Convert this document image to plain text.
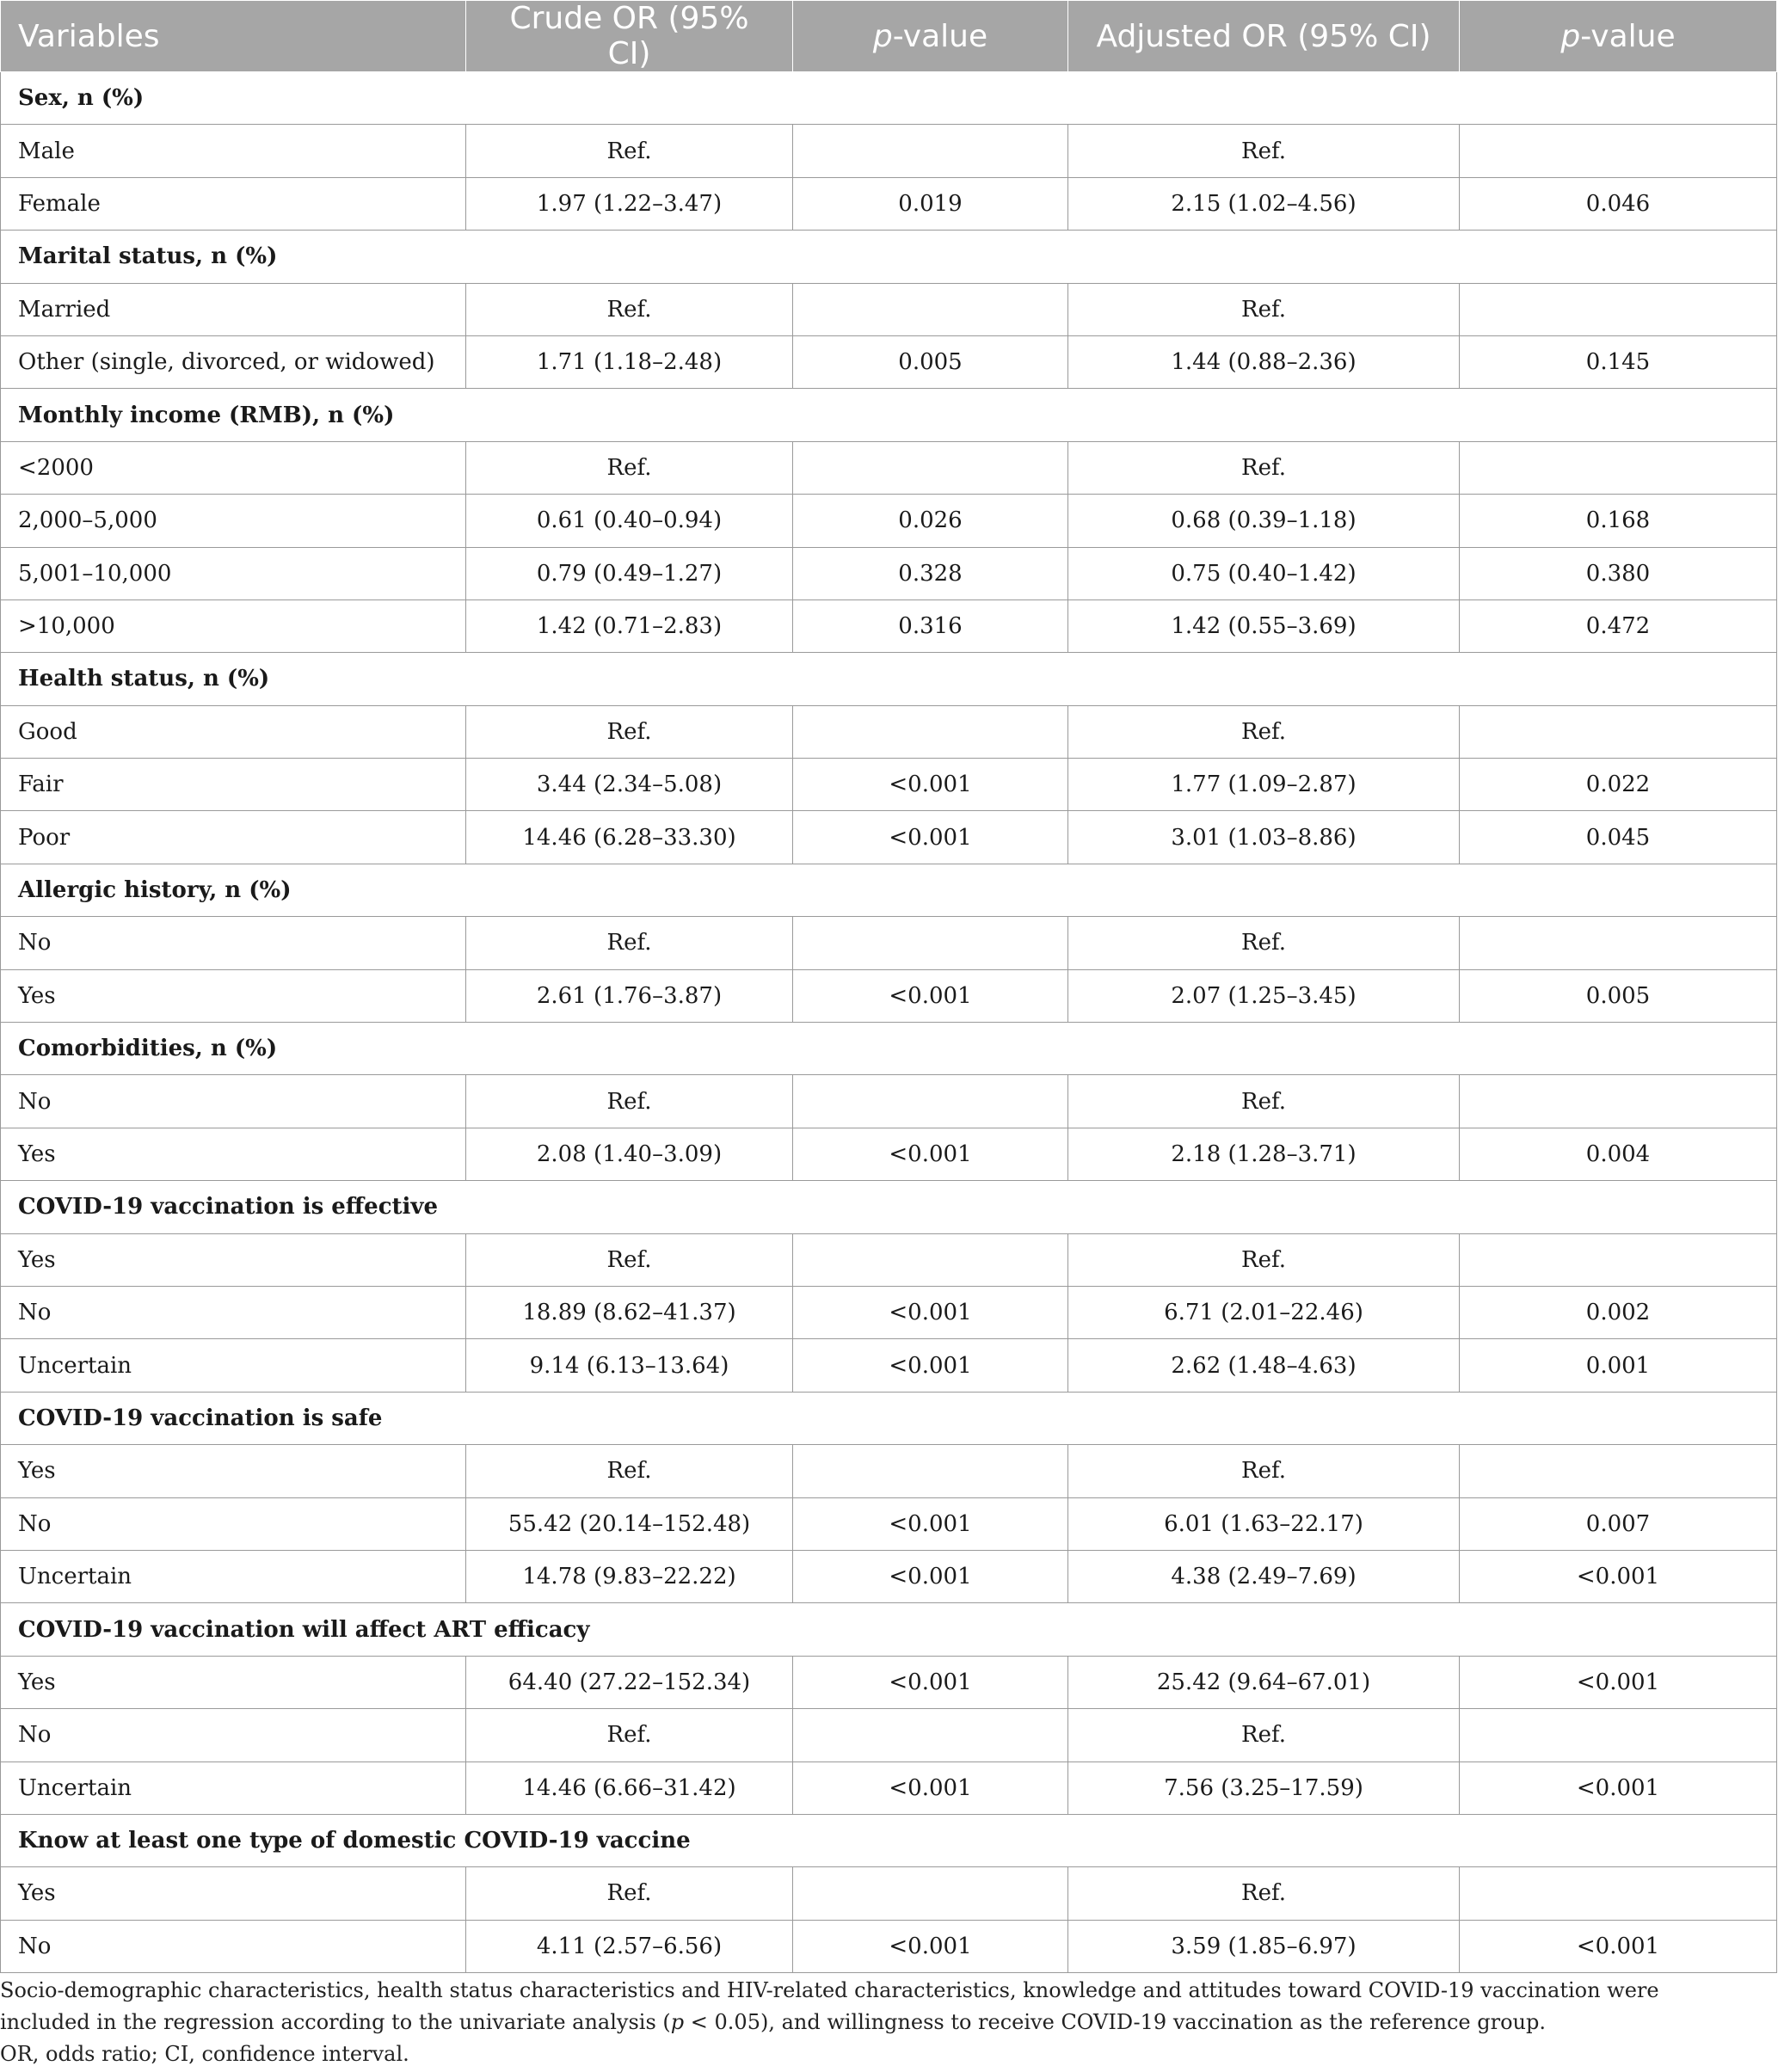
Variables	Crude OR (95% CI)	p-value	Adjusted OR (95% CI)	p-value
Sex, n (%)				
Male	Ref.		Ref.	
Female	1.97 (1.22–3.47)	0.019	2.15 (1.02–4.56)	0.046
Marital status, n (%)				
Married	Ref.		Ref.	
Other (single, divorced, or widowed)	1.71 (1.18–2.48)	0.005	1.44 (0.88–2.36)	0.145
Monthly income (RMB), n (%)				
<2000	Ref.		Ref.	
2,000–5,000	0.61 (0.40–0.94)	0.026	0.68 (0.39–1.18)	0.168
5,001–10,000	0.79 (0.49–1.27)	0.328	0.75 (0.40–1.42)	0.380
>10,000	1.42 (0.71–2.83)	0.316	1.42 (0.55–3.69)	0.472
Health status, n (%)				
Good	Ref.		Ref.	
Fair	3.44 (2.34–5.08)	<0.001	1.77 (1.09–2.87)	0.022
Poor	14.46 (6.28–33.30)	<0.001	3.01 (1.03–8.86)	0.045
Allergic history, n (%)				
No	Ref.		Ref.	
Yes	2.61 (1.76–3.87)	<0.001	2.07 (1.25–3.45)	0.005
Comorbidities, n (%)				
No	Ref.		Ref.	
Yes	2.08 (1.40–3.09)	<0.001	2.18 (1.28–3.71)	0.004
COVID-19 vaccination is effective				
Yes	Ref.		Ref.	
No	18.89 (8.62–41.37)	<0.001	6.71 (2.01–22.46)	0.002
Uncertain	9.14 (6.13–13.64)	<0.001	2.62 (1.48–4.63)	0.001
COVID-19 vaccination is safe				
Yes	Ref.		Ref.	
No	55.42 (20.14–152.48)	<0.001	6.01 (1.63–22.17)	0.007
Uncertain	14.78 (9.83–22.22)	<0.001	4.38 (2.49–7.69)	<0.001
COVID-19 vaccination will affect ART efficacy				
Yes	64.40 (27.22–152.34)	<0.001	25.42 (9.64–67.01)	<0.001
No	Ref.		Ref.	
Uncertain	14.46 (6.66–31.42)	<0.001	7.56 (3.25–17.59)	<0.001
Know at least one type of domestic COVID-19 vaccine				
Yes	Ref.		Ref.	
No	4.11 (2.57–6.56)	<0.001	3.59 (1.85–6.97)	<0.001

Socio-demographic characteristics, health status characteristics and HIV-related characteristics, knowledge and attitudes toward COVID-19 vaccination were included in the regression according to the univariate analysis (p < 0.05), and willingness to receive COVID-19 vaccination as the reference group.

OR, odds ratio; CI, confidence interval.
